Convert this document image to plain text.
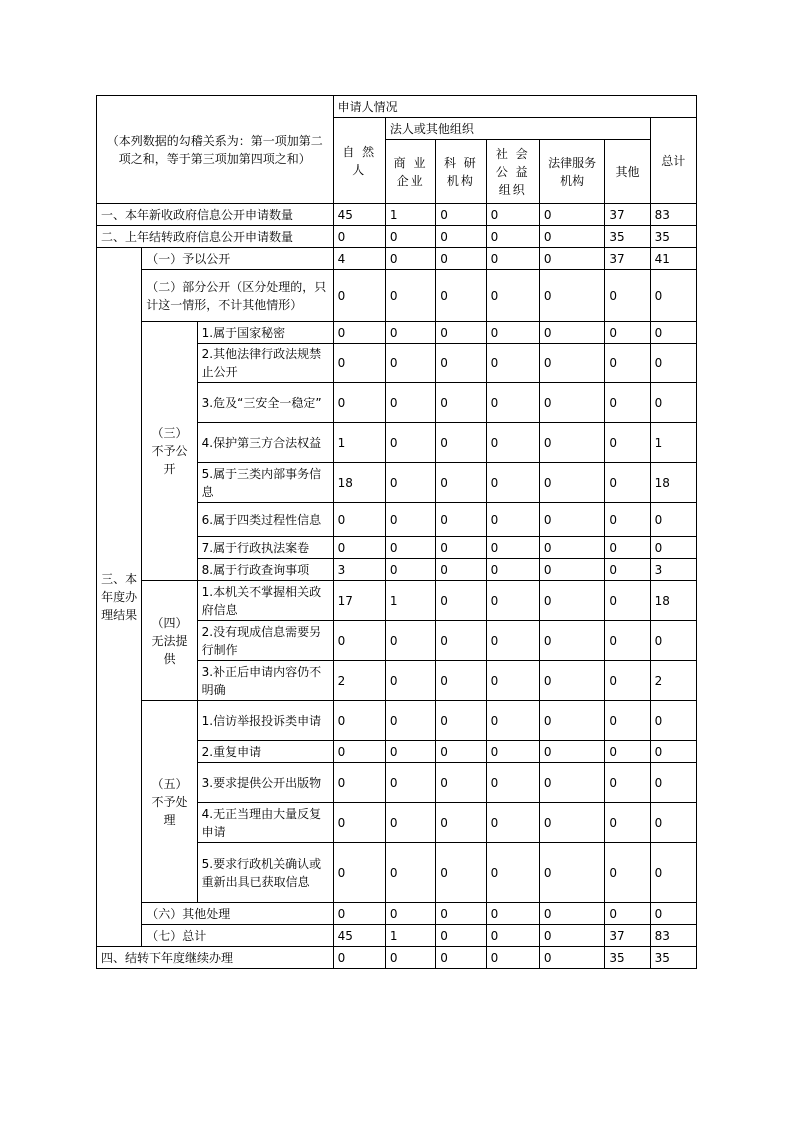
（本列数据的勾稽关系为：第一项加第二项之和，等于第三项加第四项之和）			申请人情况						
			自 然 人	法人或其他组织					总计
				商 业 企业	科 研 机构	社 会 公 益 组织	法律服务机构	其他	
一、本年新收政府信息公开申请数量			45	1	0	0	0	37	83
二、上年结转政府信息公开申请数量			0	0	0	0	0	35	35
三、本年度办理结果	（一）予以公开		4	0	0	0	0	37	41
	（二）部分公开（区分处理的，只计这一情形，不计其他情形）		0	0	0	0	0	0	0
	（三）不予公开	1.属于国家秘密	0	0	0	0	0	0	0
		2.其他法律行政法规禁止公开	0	0	0	0	0	0	0
		3.危及“三安全一稳定”	0	0	0	0	0	0	0
		4.保护第三方合法权益	1	0	0	0	0	0	1
		5.属于三类内部事务信息	18	0	0	0	0	0	18
		6.属于四类过程性信息	0	0	0	0	0	0	0
		7.属于行政执法案卷	0	0	0	0	0	0	0
		8.属于行政查询事项	3	0	0	0	0	0	3
	（四）无法提供	1.本机关不掌握相关政府信息	17	1	0	0	0	0	18
		2.没有现成信息需要另行制作	0	0	0	0	0	0	0
		3.补正后申请内容仍不明确	2	0	0	0	0	0	2
	（五）不予处理	1.信访举报投诉类申请	0	0	0	0	0	0	0
		2.重复申请	0	0	0	0	0	0	0
		3.要求提供公开出版物	0	0	0	0	0	0	0
		4.无正当理由大量反复申请	0	0	0	0	0	0	0
		5.要求行政机关确认或重新出具已获取信息	0	0	0	0	0	0	0
	（六）其他处理		0	0	0	0	0	0	0
	（七）总计		45	1	0	0	0	37	83
四、结转下年度继续办理			0	0	0	0	0	35	35
